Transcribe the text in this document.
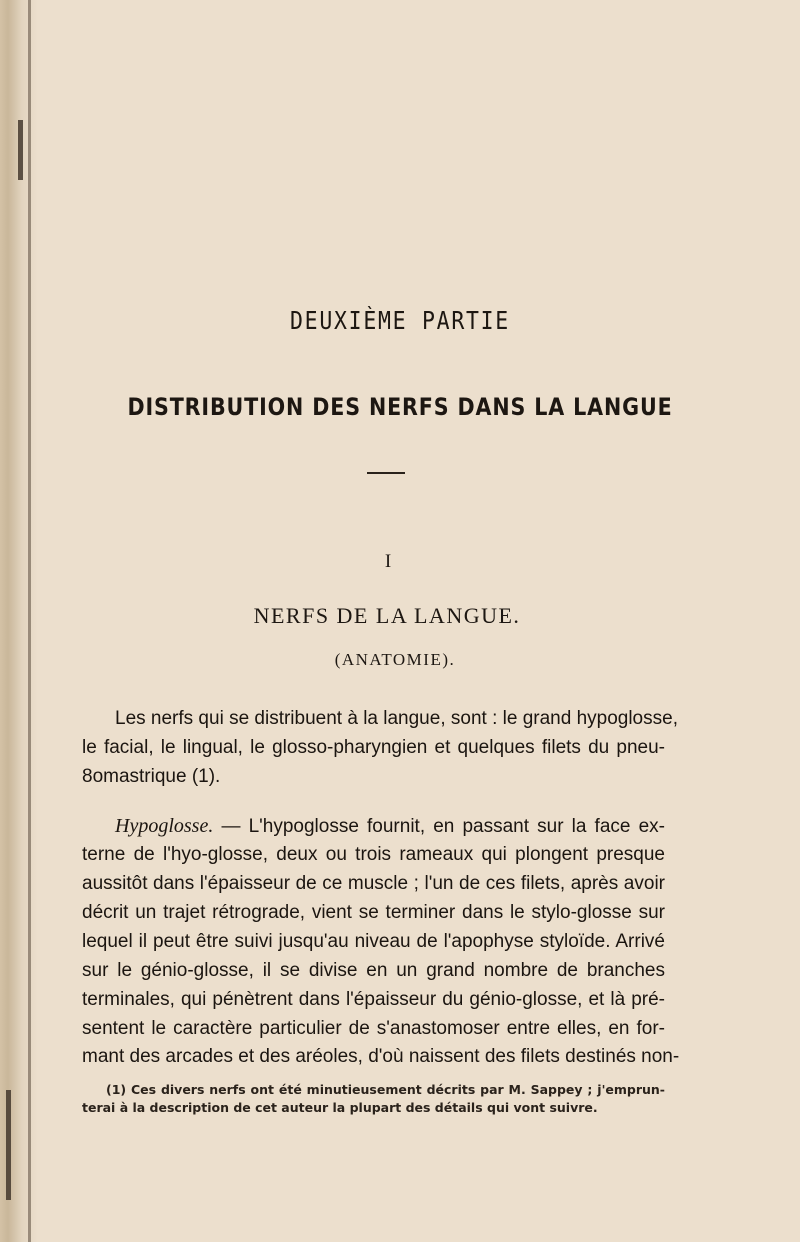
DEUXIÈME PARTIE
DISTRIBUTION DES NERFS DANS LA LANGUE
I
NERFS DE LA LANGUE.
(ANATOMIE).
Les nerfs qui se distribuent à la langue, sont : le grand hypoglosse,
le facial, le lingual, le glosso-pharyngien et quelques filets du pneu-
8omastrique (1).
Hypoglosse. — L'hypoglosse fournit, en passant sur la face ex-
terne de l'hyo-glosse, deux ou trois rameaux qui plongent presque
aussitôt dans l'épaisseur de ce muscle ; l'un de ces filets, après avoir
décrit un trajet rétrograde, vient se terminer dans le stylo-glosse sur
lequel il peut être suivi jusqu'au niveau de l'apophyse styloïde. Arrivé
sur le génio-glosse, il se divise en un grand nombre de branches
terminales, qui pénètrent dans l'épaisseur du génio-glosse, et là pré-
sentent le caractère particulier de s'anastomoser entre elles, en for-
mant des arcades et des aréoles, d'où naissent des filets destinés non-
(1) Ces divers nerfs ont été minutieusement décrits par M. Sappey ; j'emprun-
terai à la description de cet auteur la plupart des détails qui vont suivre.
